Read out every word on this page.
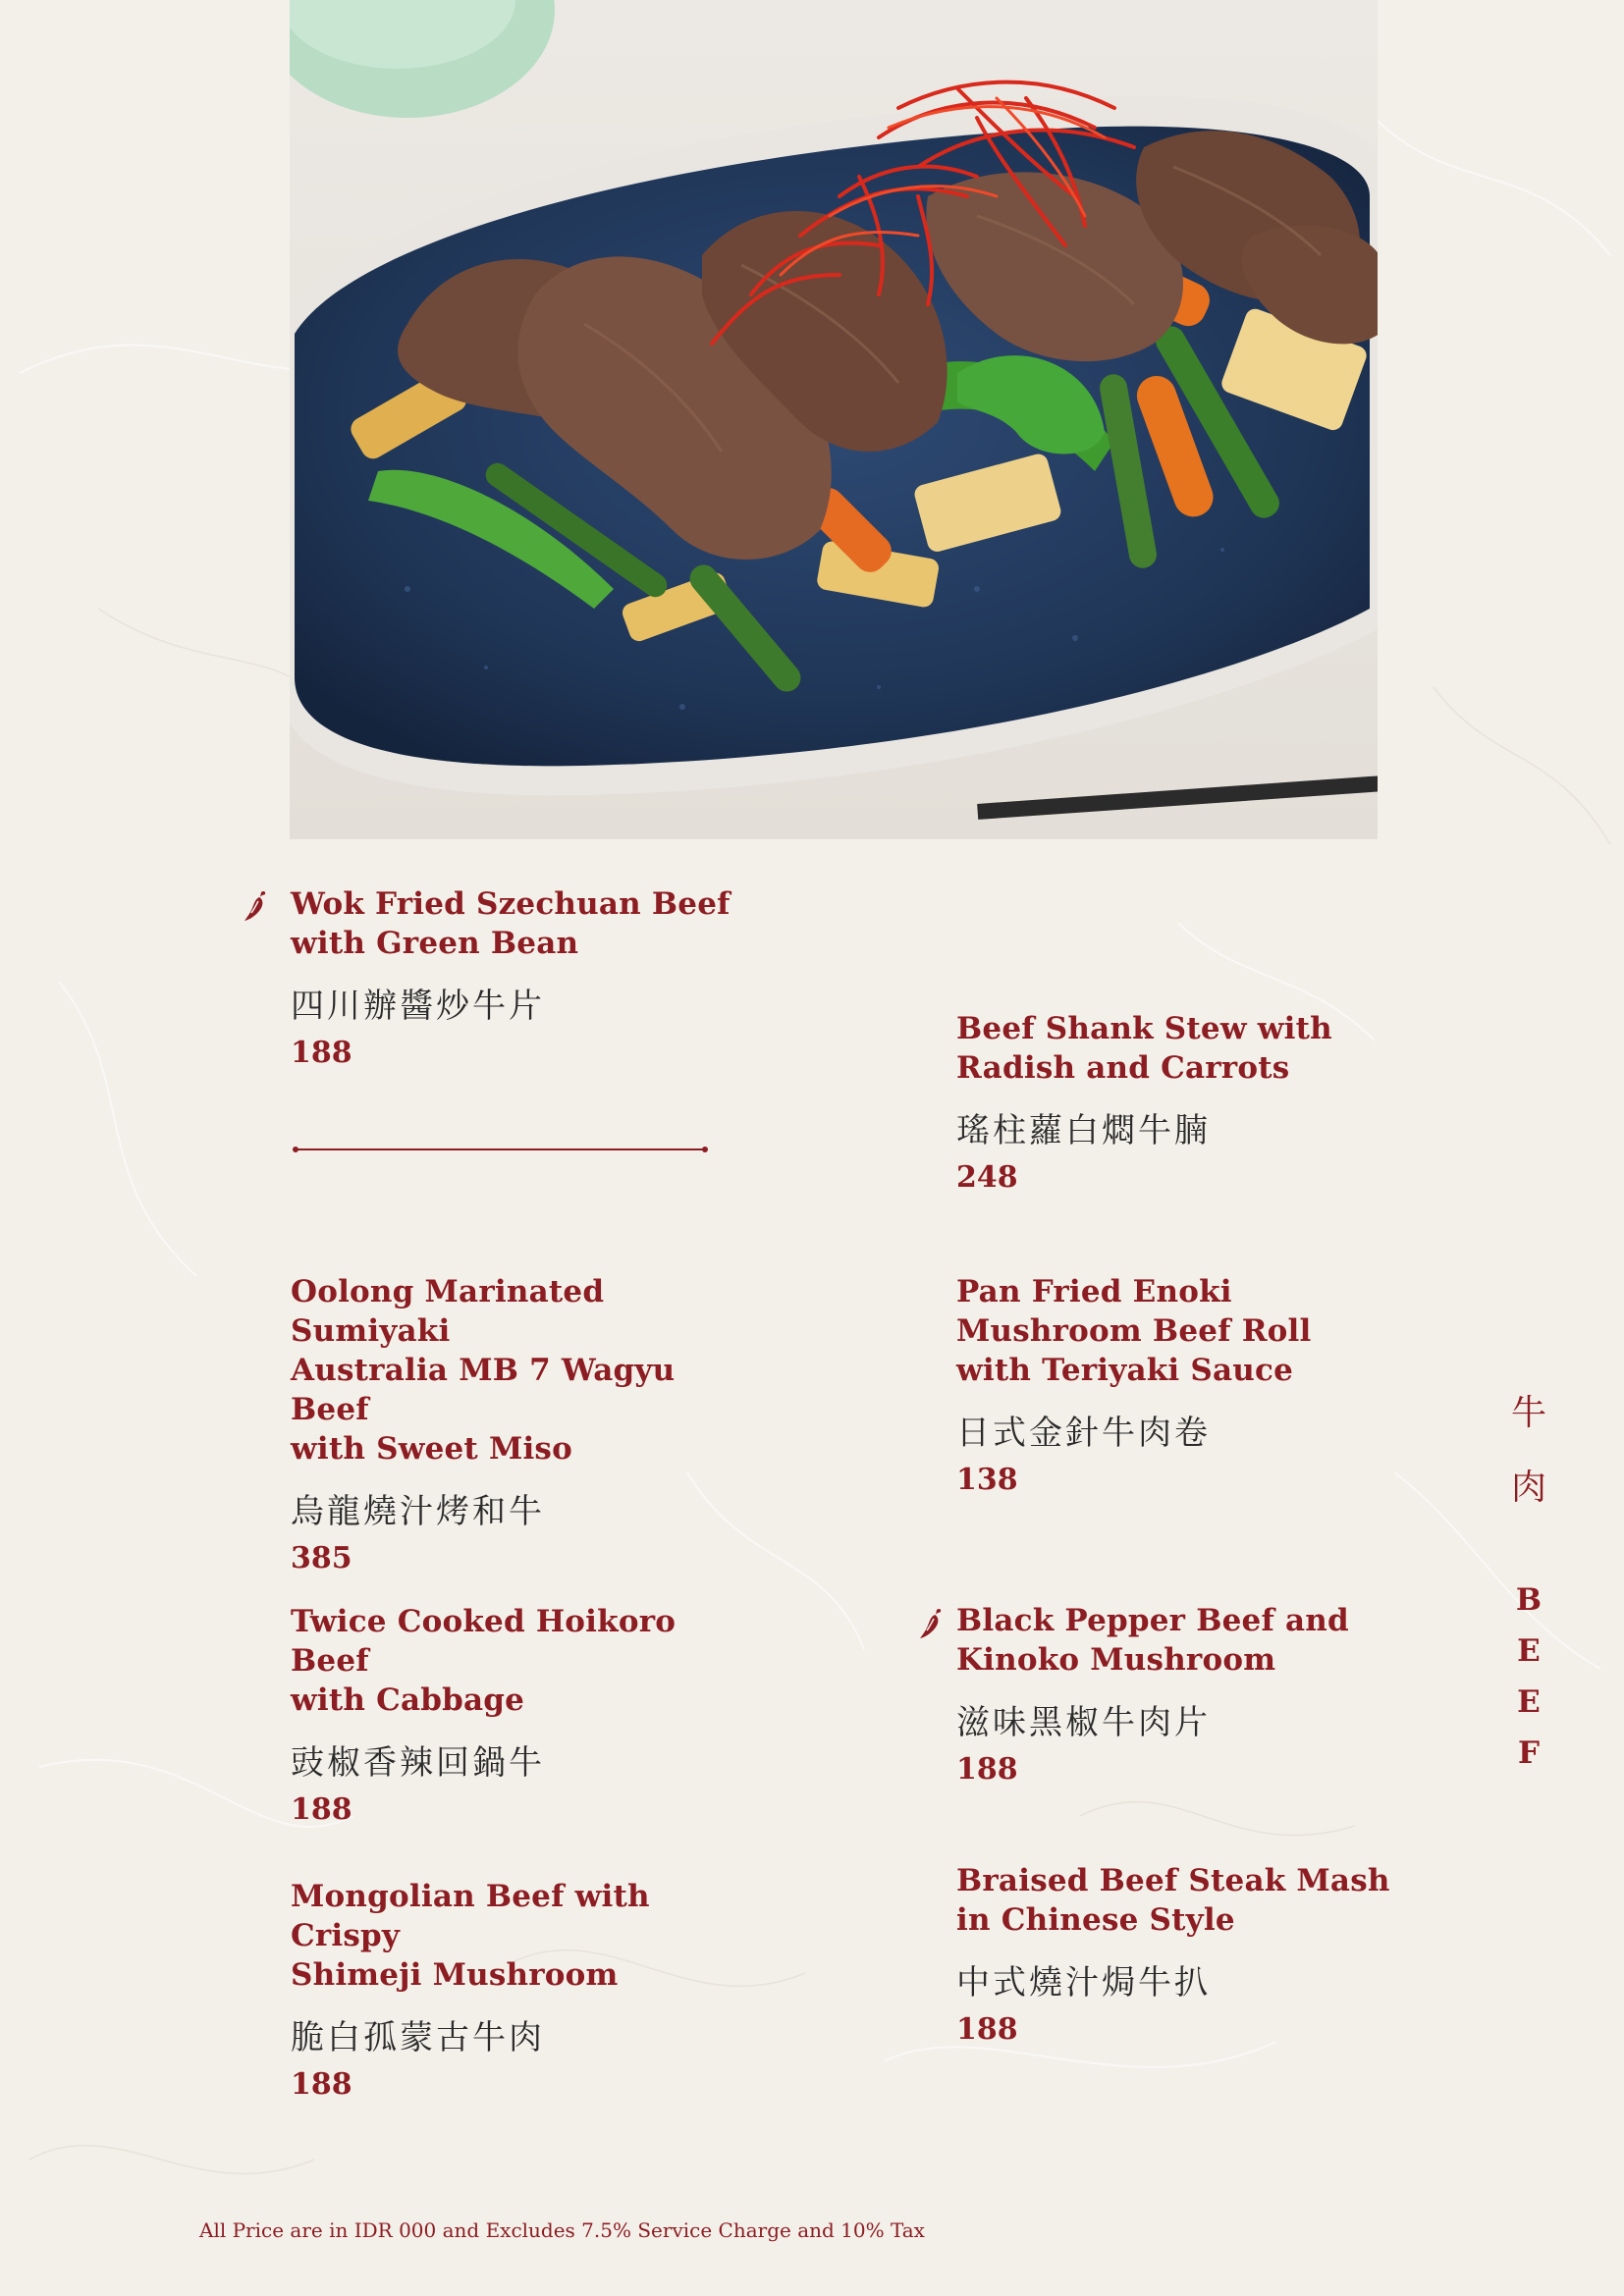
Wok Fried Szechuan Beef
with Green Bean
四川辦醬炒牛片
188
Beef Shank Stew with
Radish and Carrots
瑤柱蘿白燜牛腩
248
Oolong Marinated Sumiyaki
Australia MB 7 Wagyu Beef
with Sweet Miso
烏龍燒汁烤和牛
385
Pan Fried Enoki
Mushroom Beef Roll
with Teriyaki Sauce
日式金針牛肉卷
138
Twice Cooked Hoikoro Beef
with Cabbage
豉椒香辣回鍋牛
188
Black Pepper Beef and
Kinoko Mushroom
滋味黑椒牛肉片
188
Mongolian Beef with Crispy
Shimeji Mushroom
脆白孤蒙古牛肉
188
Braised Beef Steak Mash
in Chinese Style
中式燒汁焗牛扒
188
牛
肉
B
E
E
F
All Price are in IDR 000 and Excludes 7.5% Service Charge and 10% Tax
